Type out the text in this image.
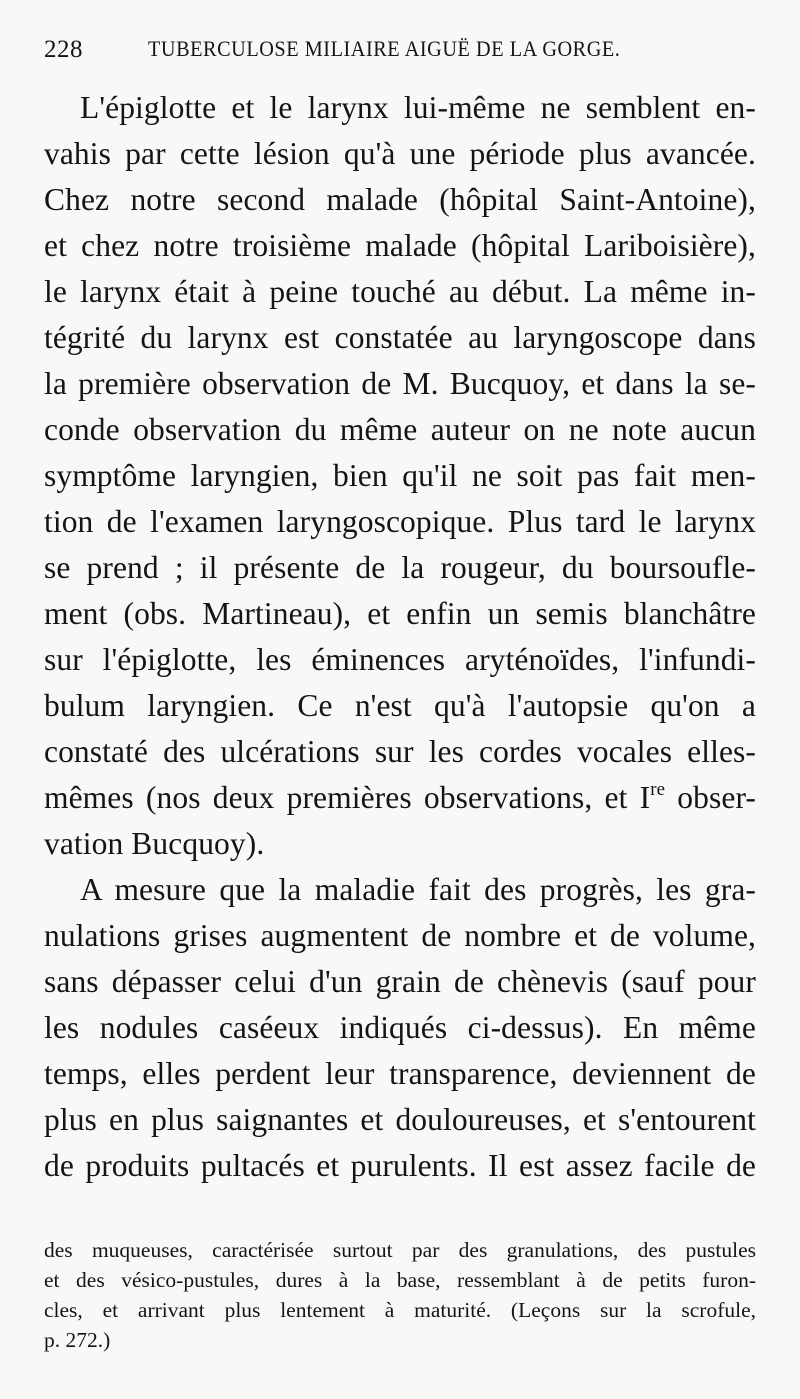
228	TUBERCULOSE MILIAIRE AIGUË DE LA GORGE.
L'épiglotte et le larynx lui-même ne semblent en-
vahis par cette lésion qu'à une période plus avancée.
Chez notre second malade (hôpital Saint-Antoine),
et chez notre troisième malade (hôpital Lariboisière),
le larynx était à peine touché au début. La même in-
tégrité du larynx est constatée au laryngoscope dans
la première observation de M. Bucquoy, et dans la se-
conde observation du même auteur on ne note aucun
symptôme laryngien, bien qu'il ne soit pas fait men-
tion de l'examen laryngoscopique. Plus tard le larynx
se prend ; il présente de la rougeur, du boursoufle-
ment (obs. Martineau), et enfin un semis blanchâtre
sur l'épiglotte, les éminences aryténoïdes, l'infundi-
bulum laryngien. Ce n'est qu'à l'autopsie qu'on a
constaté des ulcérations sur les cordes vocales elles-
mêmes (nos deux premières observations, et Ire obser-
vation Bucquoy).
A mesure que la maladie fait des progrès, les gra-
nulations grises augmentent de nombre et de volume,
sans dépasser celui d'un grain de chènevis (sauf pour
les nodules caséeux indiqués ci-dessus). En même
temps, elles perdent leur transparence, deviennent de
plus en plus saignantes et douloureuses, et s'entourent
de produits pultacés et purulents. Il est assez facile de
des muqueuses, caractérisée surtout par des granulations, des pustules
et des vésico-pustules, dures à la base, ressemblant à de petits furon-
cles, et arrivant plus lentement à maturité. (Leçons sur la scrofule,
p. 272.)
